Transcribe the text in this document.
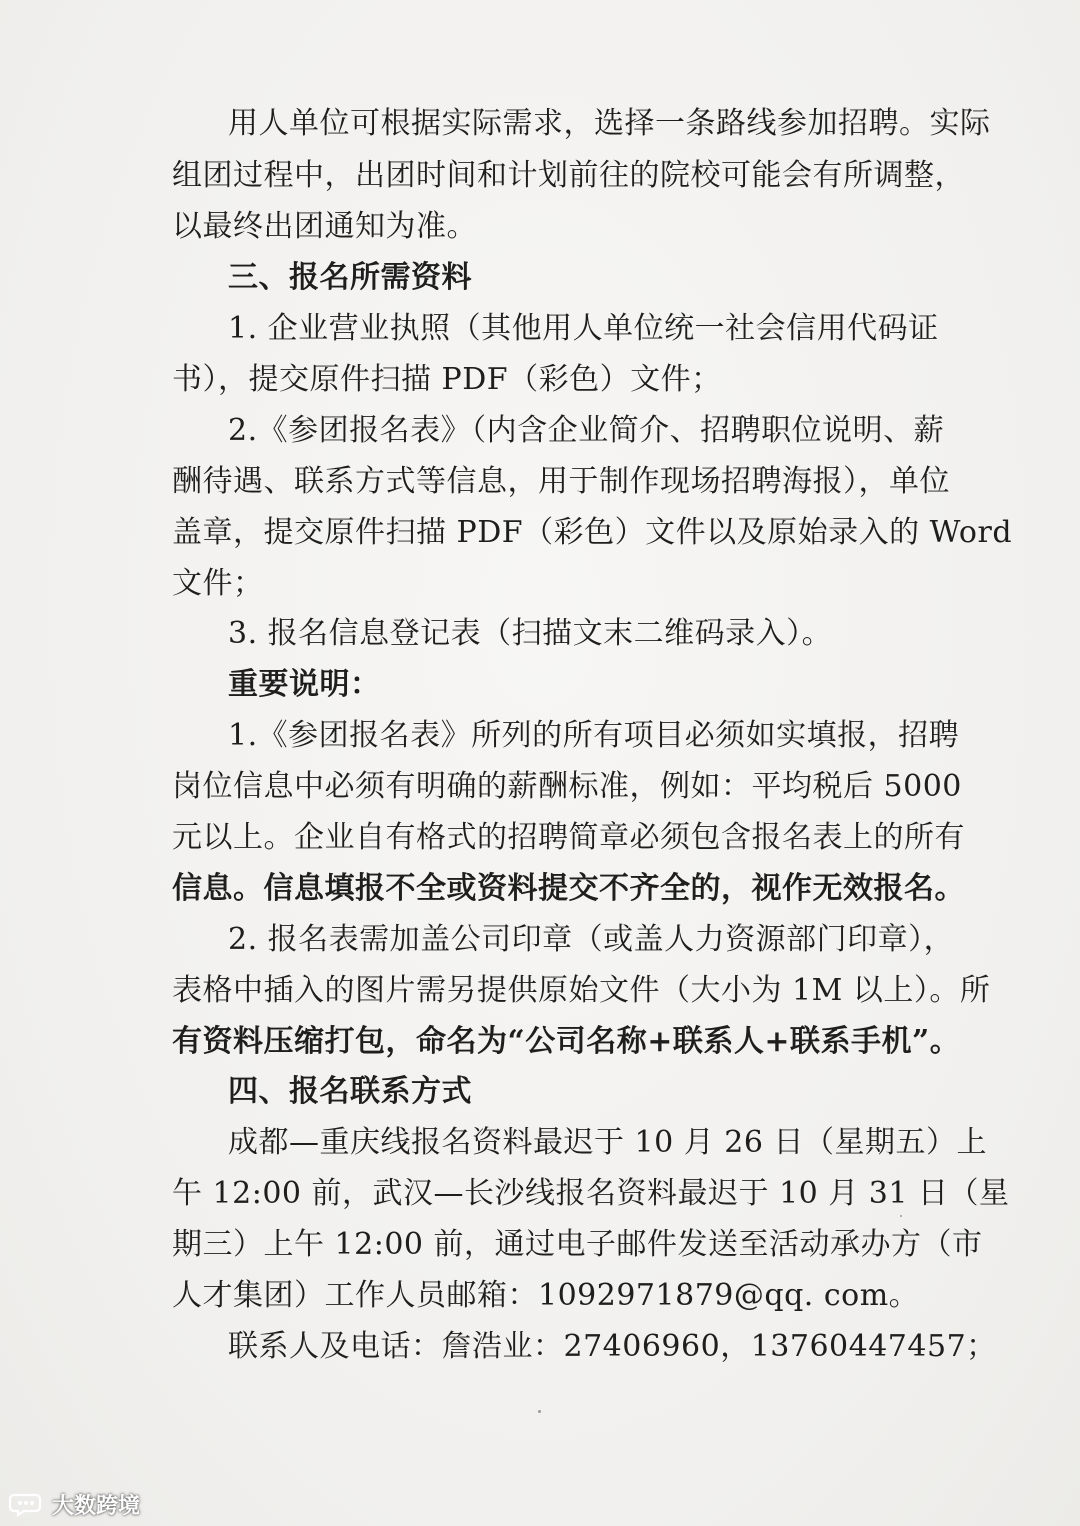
用人单位可根据实际需求，选择一条路线参加招聘。实际
组团过程中，出团时间和计划前往的院校可能会有所调整，
以最终出团通知为准。
三、报名所需资料
1. 企业营业执照（其他用人单位统一社会信用代码证
书），提交原件扫描 PDF（彩色）文件；
2.《参团报名表》（内含企业简介、招聘职位说明、薪
酬待遇、联系方式等信息，用于制作现场招聘海报），单位
盖章，提交原件扫描 PDF（彩色）文件以及原始录入的 Word
文件；
3. 报名信息登记表（扫描文末二维码录入）。
重要说明：
1.《参团报名表》所列的所有项目必须如实填报，招聘
岗位信息中必须有明确的薪酬标准，例如：平均税后 5000
元以上。企业自有格式的招聘简章必须包含报名表上的所有
信息。信息填报不全或资料提交不齐全的，视作无效报名。
2. 报名表需加盖公司印章（或盖人力资源部门印章），
表格中插入的图片需另提供原始文件（大小为 1M 以上）。所
有资料压缩打包，命名为“公司名称+联系人+联系手机”。
四、报名联系方式
成都—重庆线报名资料最迟于 10 月 26 日（星期五）上
午 12:00 前，武汉—长沙线报名资料最迟于 10 月 31 日（星
期三）上午 12:00 前，通过电子邮件发送至活动承办方（市
人才集团）工作人员邮箱：1092971879@qq. com。
联系人及电话：詹浩业：27406960，13760447457；
大数跨境
